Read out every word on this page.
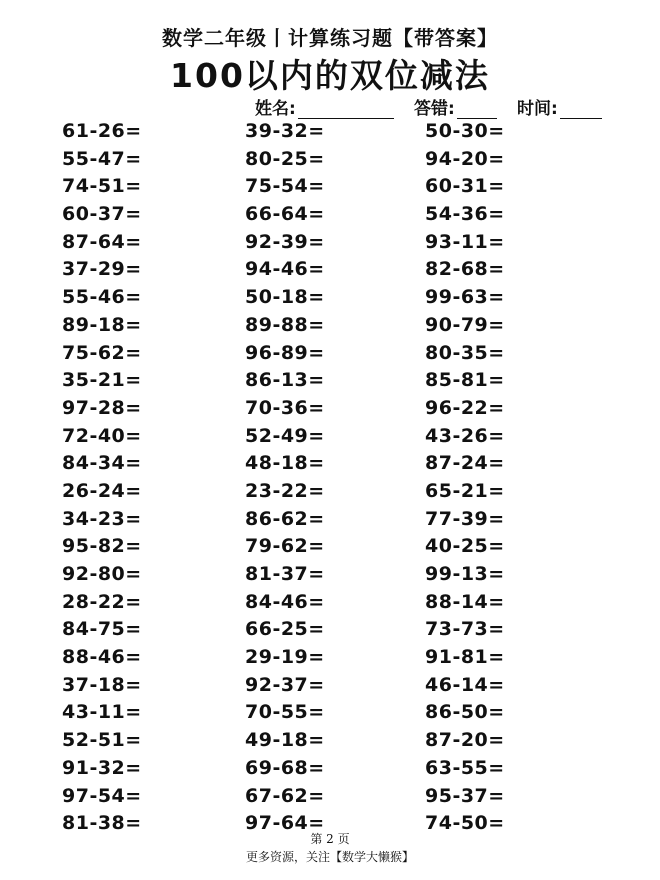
数学二年级丨计算练习题【带答案】
100以内的双位减法
姓名:	答错:	时间:
61-26=
55-47=
74-51=
60-37=
87-64=
37-29=
55-46=
89-18=
75-62=
35-21=
97-28=
72-40=
84-34=
26-24=
34-23=
95-82=
92-80=
28-22=
84-75=
88-46=
37-18=
43-11=
52-51=
91-32=
97-54=
81-38=
39-32=
80-25=
75-54=
66-64=
92-39=
94-46=
50-18=
89-88=
96-89=
86-13=
70-36=
52-49=
48-18=
23-22=
86-62=
79-62=
81-37=
84-46=
66-25=
29-19=
92-37=
70-55=
49-18=
69-68=
67-62=
97-64=
50-30=
94-20=
60-31=
54-36=
93-11=
82-68=
99-63=
90-79=
80-35=
85-81=
96-22=
43-26=
87-24=
65-21=
77-39=
40-25=
99-13=
88-14=
73-73=
91-81=
46-14=
86-50=
87-20=
63-55=
95-37=
74-50=
第 2 页
更多资源，关注【数学大懒猴】
